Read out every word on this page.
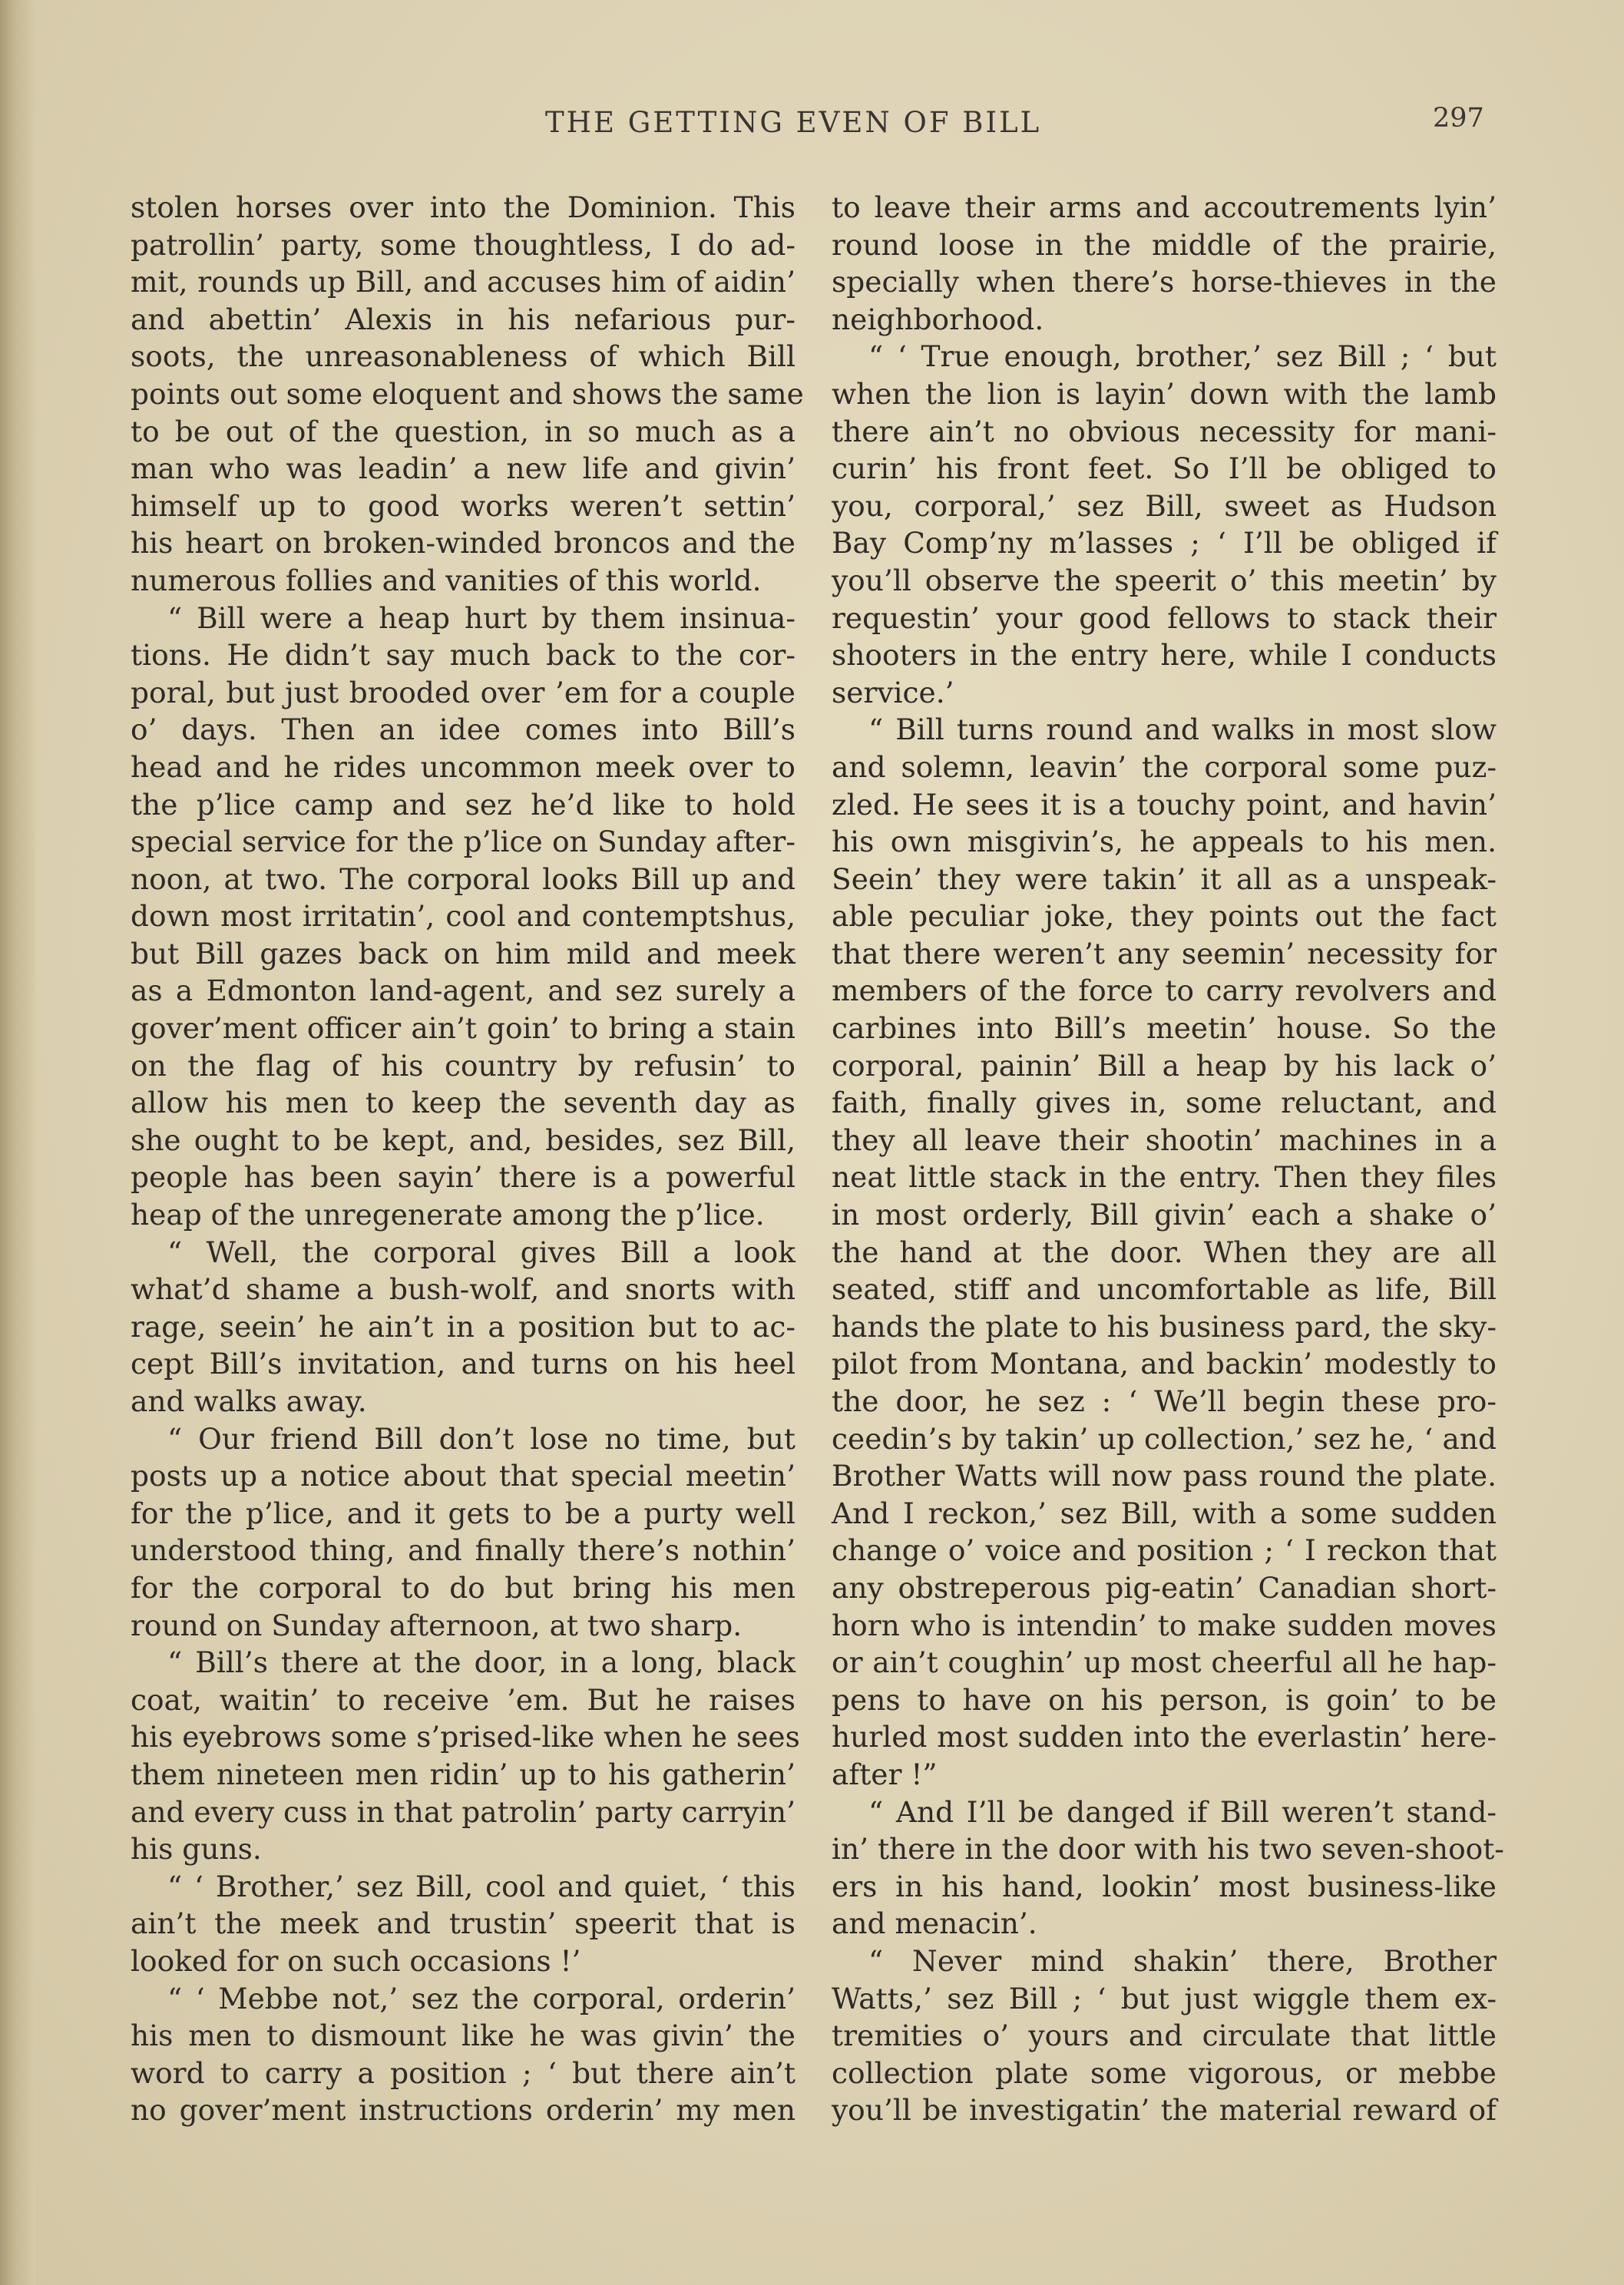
THE GETTING EVEN OF BILL	297
stolen horses over into the Dominion. This
patrollin’ party, some thoughtless, I do ad-
mit, rounds up Bill, and accuses him of aidin’
and abettin’ Alexis in his nefarious pur-
soots, the unreasonableness of which Bill
points out some eloquent and shows the same
to be out of the question, in so much as a
man who was leadin’ a new life and givin’
himself up to good works weren’t settin’
his heart on broken-winded broncos and the
numerous follies and vanities of this world.
“ Bill were a heap hurt by them insinua-
tions. He didn’t say much back to the cor-
poral, but just brooded over ’em for a couple
o’ days. Then an idee comes into Bill’s
head and he rides uncommon meek over to
the p’lice camp and sez he’d like to hold
special service for the p’lice on Sunday after-
noon, at two. The corporal looks Bill up and
down most irritatin’, cool and contemptshus,
but Bill gazes back on him mild and meek
as a Edmonton land-agent, and sez surely a
gover’ment officer ain’t goin’ to bring a stain
on the flag of his country by refusin’ to
allow his men to keep the seventh day as
she ought to be kept, and, besides, sez Bill,
people has been sayin’ there is a powerful
heap of the unregenerate among the p’lice.
“ Well, the corporal gives Bill a look
what’d shame a bush-wolf, and snorts with
rage, seein’ he ain’t in a position but to ac-
cept Bill’s invitation, and turns on his heel
and walks away.
“ Our friend Bill don’t lose no time, but
posts up a notice about that special meetin’
for the p’lice, and it gets to be a purty well
understood thing, and finally there’s nothin’
for the corporal to do but bring his men
round on Sunday afternoon, at two sharp.
“ Bill’s there at the door, in a long, black
coat, waitin’ to receive ’em. But he raises
his eyebrows some s’prised-like when he sees
them nineteen men ridin’ up to his gatherin’
and every cuss in that patrolin’ party carryin’
his guns.
“ ‘ Brother,’ sez Bill, cool and quiet, ‘ this
ain’t the meek and trustin’ speerit that is
looked for on such occasions !’
“ ‘ Mebbe not,’ sez the corporal, orderin’
his men to dismount like he was givin’ the
word to carry a position ; ‘ but there ain’t
no gover’ment instructions orderin’ my men
to leave their arms and accoutrements lyin’
round loose in the middle of the prairie,
specially when there’s horse-thieves in the
neighborhood.
“ ‘ True enough, brother,’ sez Bill ; ‘ but
when the lion is layin’ down with the lamb
there ain’t no obvious necessity for mani-
curin’ his front feet. So I’ll be obliged to
you, corporal,’ sez Bill, sweet as Hudson
Bay Comp’ny m’lasses ; ‘ I’ll be obliged if
you’ll observe the speerit o’ this meetin’ by
requestin’ your good fellows to stack their
shooters in the entry here, while I conducts
service.’
“ Bill turns round and walks in most slow
and solemn, leavin’ the corporal some puz-
zled. He sees it is a touchy point, and havin’
his own misgivin’s, he appeals to his men.
Seein’ they were takin’ it all as a unspeak-
able peculiar joke, they points out the fact
that there weren’t any seemin’ necessity for
members of the force to carry revolvers and
carbines into Bill’s meetin’ house. So the
corporal, painin’ Bill a heap by his lack o’
faith, finally gives in, some reluctant, and
they all leave their shootin’ machines in a
neat little stack in the entry. Then they files
in most orderly, Bill givin’ each a shake o’
the hand at the door. When they are all
seated, stiff and uncomfortable as life, Bill
hands the plate to his business pard, the sky-
pilot from Montana, and backin’ modestly to
the door, he sez : ‘ We’ll begin these pro-
ceedin’s by takin’ up collection,’ sez he, ‘ and
Brother Watts will now pass round the plate.
And I reckon,’ sez Bill, with a some sudden
change o’ voice and position ; ‘ I reckon that
any obstreperous pig-eatin’ Canadian short-
horn who is intendin’ to make sudden moves
or ain’t coughin’ up most cheerful all he hap-
pens to have on his person, is goin’ to be
hurled most sudden into the everlastin’ here-
after !”
“ And I’ll be danged if Bill weren’t stand-
in’ there in the door with his two seven-shoot-
ers in his hand, lookin’ most business-like
and menacin’.
“ Never mind shakin’ there, Brother
Watts,’ sez Bill ; ‘ but just wiggle them ex-
tremities o’ yours and circulate that little
collection plate some vigorous, or mebbe
you’ll be investigatin’ the material reward of
